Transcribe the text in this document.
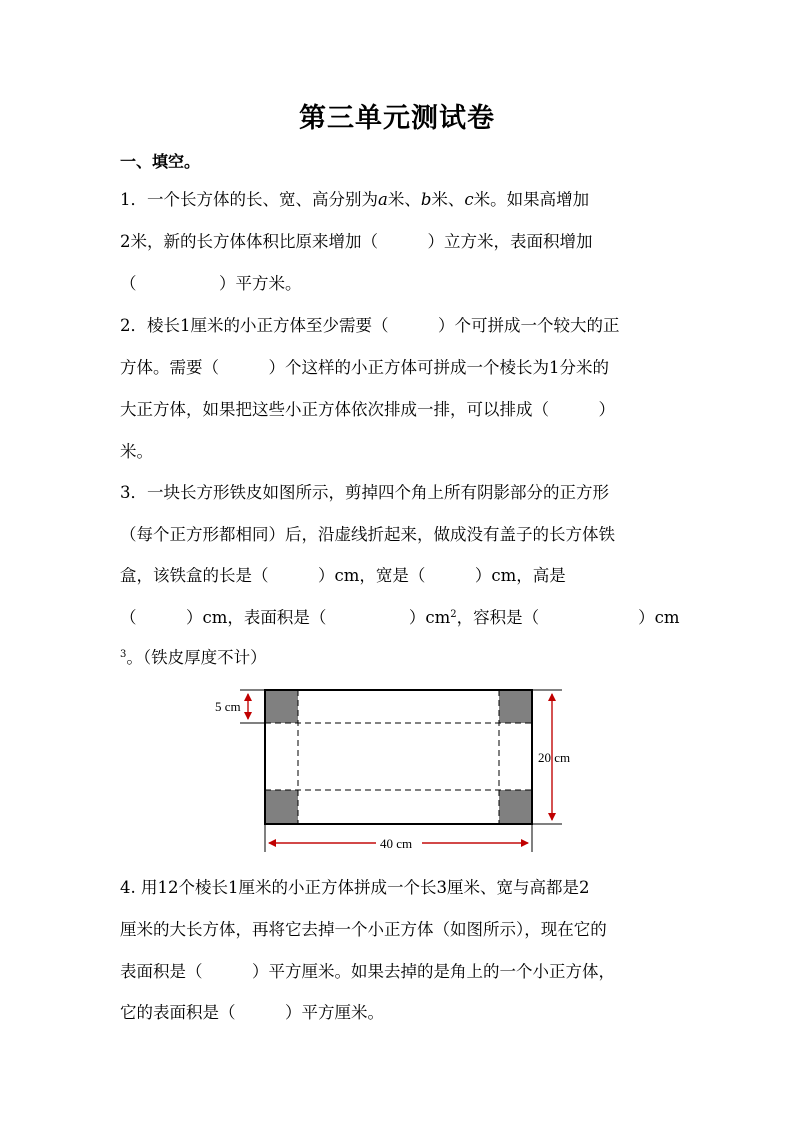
第三单元测试卷
一、填空。
1．一个长方体的长、宽、高分别为a米、b米、c米。如果高增加
2米，新的长方体体积比原来增加（　　　）立方米，表面积增加
（　　　　　）平方米。
2．棱长1厘米的小正方体至少需要（　　　）个可拼成一个较大的正
方体。需要（　　　）个这样的小正方体可拼成一个棱长为1分米的
大正方体，如果把这些小正方体依次排成一排，可以排成（　　　）
米。
3．一块长方形铁皮如图所示，剪掉四个角上所有阴影部分的正方形
（每个正方形都相同）后，沿虚线折起来，做成没有盖子的长方体铁
盒，该铁盒的长是（　　　）cm，宽是（　　　）cm，高是
（　　　）cm，表面积是（　　　　　）$cm^2$，容积是（　　　　　　）cm
$^3$。（铁皮厚度不计）
5 cm
20 cm
40 cm
4. 用12个棱长1厘米的小正方体拼成一个长3厘米、宽与高都是2
厘米的大长方体，再将它去掉一个小正方体（如图所示），现在它的
表面积是（　　　）平方厘米。如果去掉的是角上的一个小正方体，
它的表面积是（　　　）平方厘米。
